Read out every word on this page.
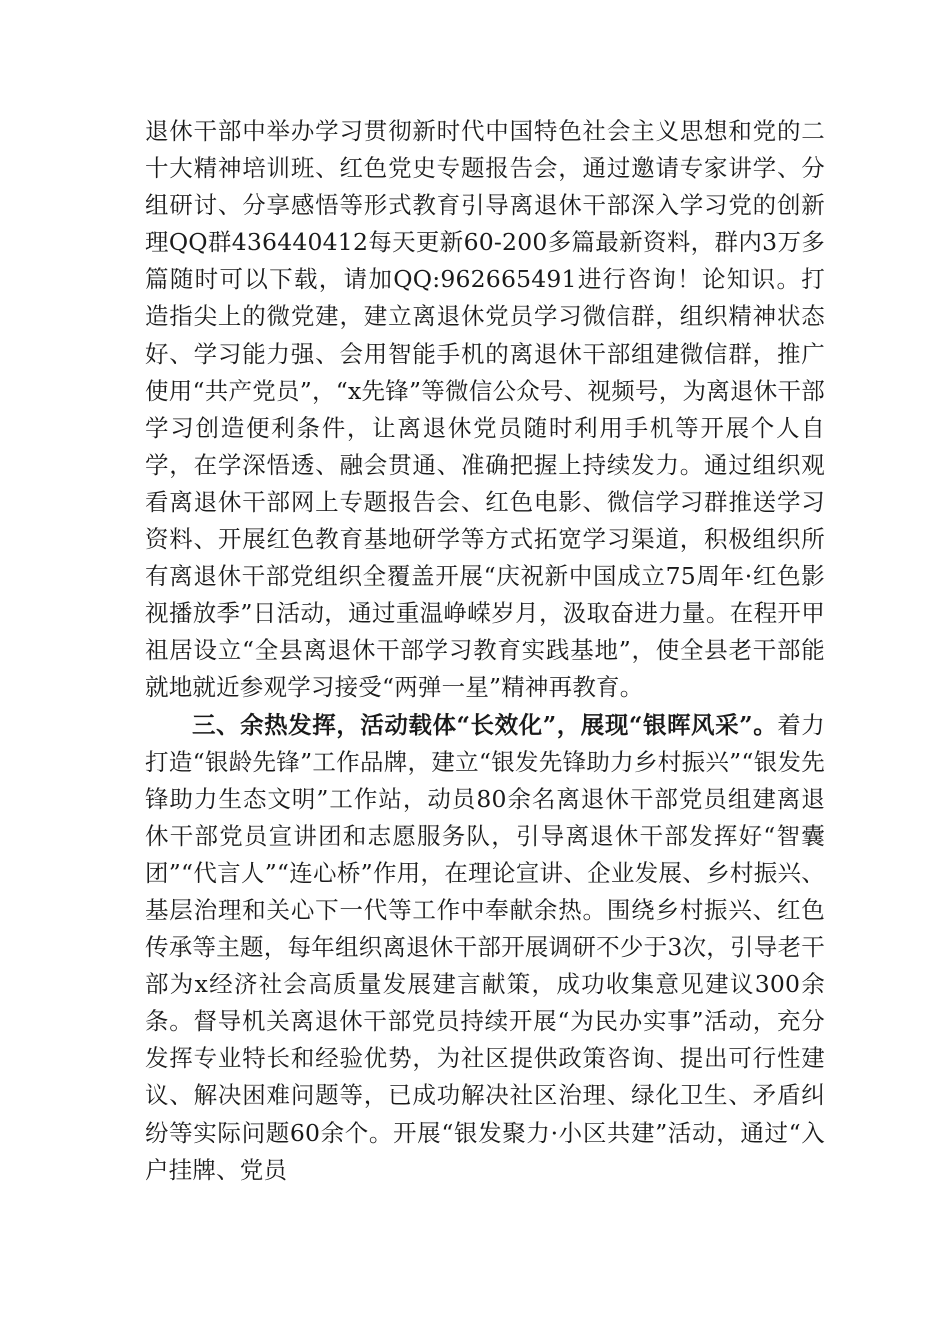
退休干部中举办学习贯彻新时代中国特色社会主义思想和党的二十大精神培训班、红色党史专题报告会，通过邀请专家讲学、分组研讨、分享感悟等形式教育引导离退休干部深入学习党的创新理QQ群436440412每天更新60-200多篇最新资料，群内3万多篇随时可以下载，请加QQ:962665491进行咨询！论知识。打造指尖上的微党建，建立离退休党员学习微信群，组织精神状态好、学习能力强、会用智能手机的离退休干部组建微信群，推广使用“共产党员”，“x先锋”等微信公众号、视频号，为离退休干部学习创造便利条件，让离退休党员随时利用手机等开展个人自学，在学深悟透、融会贯通、准确把握上持续发力。通过组织观看离退休干部网上专题报告会、红色电影、微信学习群推送学习资料、开展红色教育基地研学等方式拓宽学习渠道，积极组织所有离退休干部党组织全覆盖开展“庆祝新中国成立75周年·红色影视播放季”日活动，通过重温峥嵘岁月，汲取奋进力量。在程开甲祖居设立“全县离退休干部学习教育实践基地”，使全县老干部能就地就近参观学习接受“两弹一星”精神再教育。

三、余热发挥，活动载体“长效化”，展现“银晖风采”。着力打造“银龄先锋”工作品牌，建立“银发先锋助力乡村振兴”“银发先锋助力生态文明”工作站，动员80余名离退休干部党员组建离退休干部党员宣讲团和志愿服务队，引导离退休干部发挥好“智囊团”“代言人”“连心桥”作用，在理论宣讲、企业发展、乡村振兴、基层治理和关心下一代等工作中奉献余热。围绕乡村振兴、红色传承等主题，每年组织离退休干部开展调研不少于3次，引导老干部为x经济社会高质量发展建言献策，成功收集意见建议300余条。督导机关离退休干部党员持续开展“为民办实事”活动，充分发挥专业特长和经验优势，为社区提供政策咨询、提出可行性建议、解决困难问题等，已成功解决社区治理、绿化卫生、矛盾纠纷等实际问题60余个。开展“银发聚力·小区共建”活动，通过“入户挂牌、党员
